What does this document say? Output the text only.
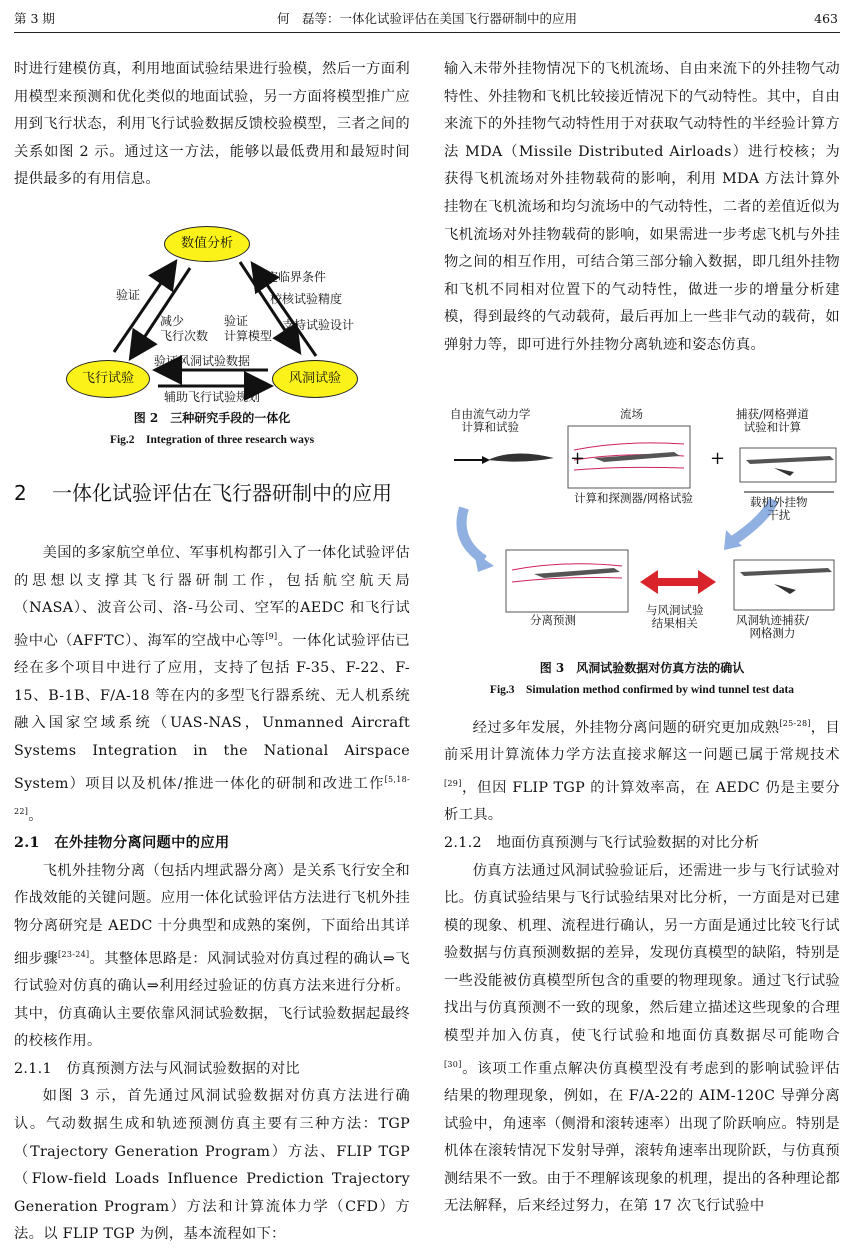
第 3 期	何　磊等：一体化试验评估在美国飞行器研制中的应用	463

时进行建模仿真，利用地面试验结果进行验模，然后一方面利用模型来预测和优化类似的地面试验，另一方面将模型推广应用到飞行状态，利用飞行试验数据反馈校验模型，三者之间的关系如图 2 示。通过这一方法，能够以最低费用和最短时间提供最多的有用信息。

数值分析
飞行试验	风洞试验
验证
减少
飞行次数
验证
计算模型
确定临界条件
校核试验精度
支持试验设计
验证风洞试验数据
辅助飞行试验规划
图 2　三种研究手段的一体化
Fig.2　Integration of three research ways
2 一体化试验评估在飞行器研制中的应用

美国的多家航空单位、军事机构都引入了一体化试验评估的思想以支撑其飞行器研制工作，包括航空航天局（NASA）、波音公司、洛-马公司、空军的AEDC 和飞行试验中心（AFFTC）、海军的空战中心等[9]。一体化试验评估已经在多个项目中进行了应用，支持了包括 F-35、F-22、F-15、B-1B、F/A-18 等在内的多型飞行器系统、无人机系统融入国家空域系统（UAS-NAS，Unmanned Aircraft Systems Integration in the National Airspace System）项目以及机体/推进一体化的研制和改进工作[5,18-22]。

2.1　在外挂物分离问题中的应用

飞机外挂物分离（包括内埋武器分离）是关系飞行安全和作战效能的关键问题。应用一体化试验评估方法进行飞机外挂物分离研究是 AEDC 十分典型和成熟的案例，下面给出其详细步骤[23-24]。其整体思路是：风洞试验对仿真过程的确认⇒飞行试验对仿真的确认⇒利用经过验证的仿真方法来进行分析。其中，仿真确认主要依靠风洞试验数据，飞行试验数据起最终的校核作用。

2.1.1　仿真预测方法与风洞试验数据的对比

如图 3 示，首先通过风洞试验数据对仿真方法进行确认。气动数据生成和轨迹预测仿真主要有三种方法：TGP（Trajectory Generation Program）方法、FLIP TGP（Flow-field Loads Influence Prediction Trajectory Generation Program）方法和计算流体力学（CFD）方法。以 FLIP TGP 为例，基本流程如下：

输入未带外挂物情况下的飞机流场、自由来流下的外挂物气动特性、外挂物和飞机比较接近情况下的气动特性。其中，自由来流下的外挂物气动特性用于对获取气动特性的半经验计算方法 MDA（Missile Distributed Airloads）进行校核；为获得飞机流场对外挂物载荷的影响，利用 MDA 方法计算外挂物在飞机流场和均匀流场中的气动特性，二者的差值近似为飞机流场对外挂物载荷的影响，如果需进一步考虑飞机与外挂物之间的相互作用，可结合第三部分输入数据，即几组外挂物和飞机不同相对位置下的气动特性，做进一步的增量分析建模，得到最终的气动载荷，最后再加上一些非气动的载荷，如弹射力等，即可进行外挂物分离轨迹和姿态仿真。

自由流气动力学
计算和试验
+
流场
+
捕获/网格弹道
试验和计算
计算和探测器/网格试验	载机外挂物
干扰
分离预测
与风洞试验
结果相关	风洞轨迹捕获/
网格测力
图 3　风洞试验数据对仿真方法的确认
Fig.3　Simulation method confirmed by wind tunnel test data

经过多年发展，外挂物分离问题的研究更加成熟[25-28]，目前采用计算流体力学方法直接求解这一问题已属于常规技术[29]，但因 FLIP TGP 的计算效率高，在 AEDC 仍是主要分析工具。

2.1.2　地面仿真预测与飞行试验数据的对比分析

仿真方法通过风洞试验验证后，还需进一步与飞行试验对比。仿真试验结果与飞行试验结果对比分析，一方面是对已建模的现象、机理、流程进行确认，另一方面是通过比较飞行试验数据与仿真预测数据的差异，发现仿真模型的缺陷，特别是一些没能被仿真模型所包含的重要的物理现象。通过飞行试验找出与仿真预测不一致的现象，然后建立描述这些现象的合理模型并加入仿真，使飞行试验和地面仿真数据尽可能吻合[30]。该项工作重点解决仿真模型没有考虑到的影响试验评估结果的物理现象，例如，在 F/A-22的 AIM-120C 导弹分离试验中，角速率（侧滑和滚转速率）出现了阶跃响应。特别是机体在滚转情况下发射导弹，滚转角速率出现阶跃，与仿真预测结果不一致。由于不理解该现象的机理，提出的各种理论都无法解释，后来经过努力，在第 17 次飞行试验中
